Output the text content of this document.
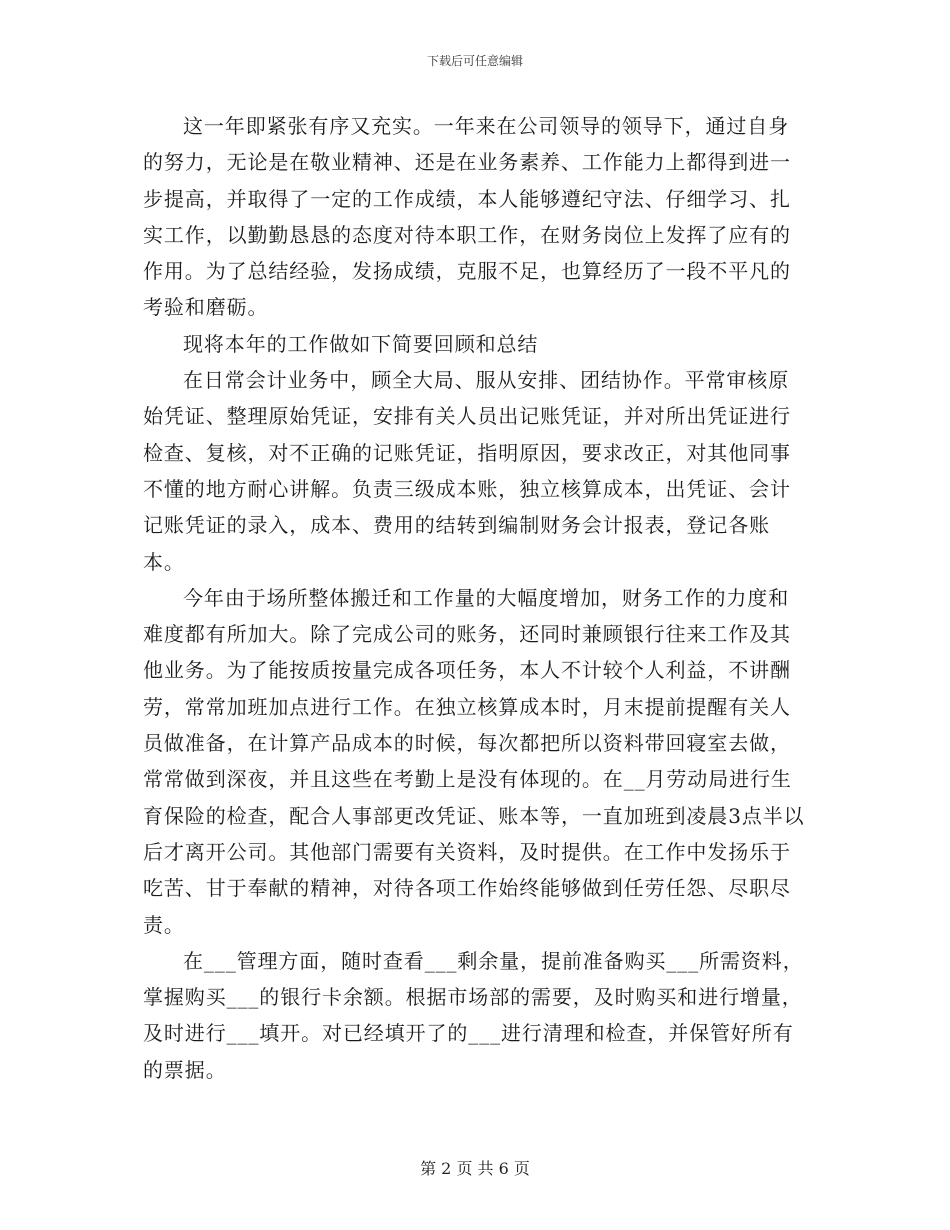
下载后可任意编辑

这一年即紧张有序又充实。一年来在公司领导的领导下，通过自身的努力，无论是在敬业精神、还是在业务素养、工作能力上都得到进一步提高，并取得了一定的工作成绩，本人能够遵纪守法、仔细学习、扎实工作，以勤勤恳恳的态度对待本职工作，在财务岗位上发挥了应有的作用。为了总结经验，发扬成绩，克服不足，也算经历了一段不平凡的考验和磨砺。

现将本年的工作做如下简要回顾和总结

在日常会计业务中，顾全大局、服从安排、团结协作。平常审核原始凭证、整理原始凭证，安排有关人员出记账凭证，并对所出凭证进行检查、复核，对不正确的记账凭证，指明原因，要求改正，对其他同事不懂的地方耐心讲解。负责三级成本账，独立核算成本，出凭证、会计记账凭证的录入，成本、费用的结转到编制财务会计报表，登记各账本。

今年由于场所整体搬迁和工作量的大幅度增加，财务工作的力度和难度都有所加大。除了完成公司的账务，还同时兼顾银行往来工作及其他业务。为了能按质按量完成各项任务，本人不计较个人利益，不讲酬劳，常常加班加点进行工作。在独立核算成本时，月末提前提醒有关人员做准备，在计算产品成本的时候，每次都把所以资料带回寝室去做，常常做到深夜，并且这些在考勤上是没有体现的。在__月劳动局进行生育保险的检查，配合人事部更改凭证、账本等，一直加班到凌晨3点半以后才离开公司。其他部门需要有关资料，及时提供。在工作中发扬乐于吃苦、甘于奉献的精神，对待各项工作始终能够做到任劳任怨、尽职尽责。

在___管理方面，随时查看___剩余量，提前准备购买___所需资料，掌握购买___的银行卡余额。根据市场部的需要，及时购买和进行增量，及时进行___填开。对已经填开了的___进行清理和检查，并保管好所有的票据。

第 2 页 共 6 页
